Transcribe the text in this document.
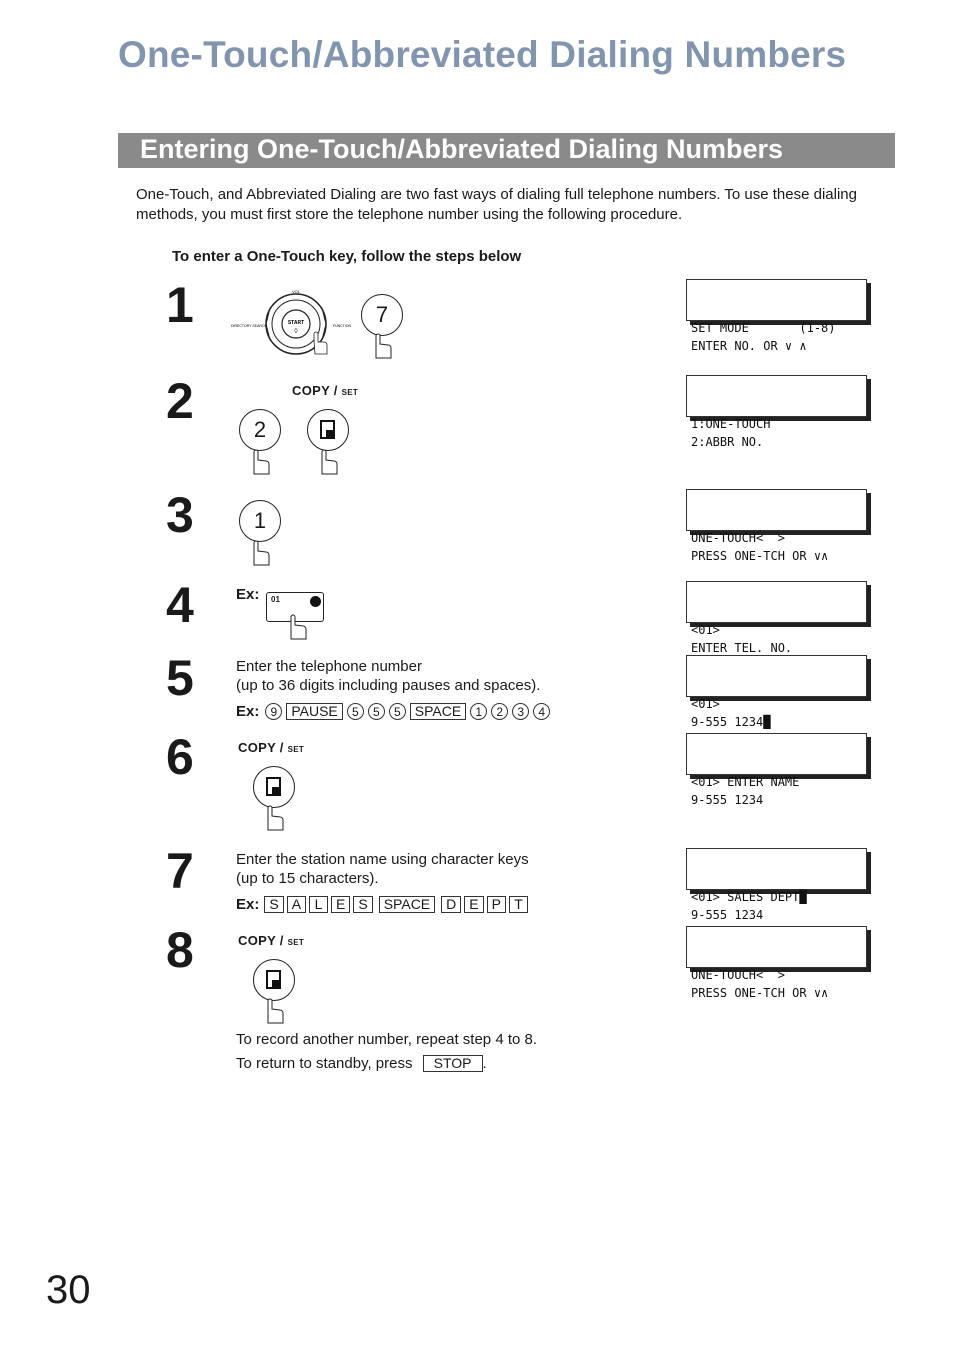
One-Touch/Abbreviated Dialing Numbers
Entering One-Touch/Abbreviated Dialing Numbers

One-Touch, and Abbreviated Dialing are two fast ways of dialing full telephone numbers. To use these dialing methods, you must first store the telephone number using the following procedure.

To enter a One-Touch key, follow the steps below

1	START
◊
VOL
DIRECTORY SEARCH	FUNCTION	7

SET MODE       (1-8)
ENTER NO. OR ∨ ∧

2	COPY / SET
2

	1:ONE-TOUCH
2:ABBR NO.

3	1

ONE-TOUCH<  >
PRESS ONE-TCH OR ∨∧

4	Ex: 01

<01>
ENTER TEL. NO.

5	Enter the telephone number
(up to 36 digits including pauses and spaces).

Ex: 9	PAUSE	5	5	5	SPACE	1	2	3	4

<01>
9-555 1234█

6	COPY / SET

<01> ENTER NAME
9-555 1234

7	Enter the station name using character keys
(up to 15 characters).

Ex: S A L E S	SPACE	D E P T

	<01> SALES DEPT█
9-555 1234

8	COPY / SET

ONE-TOUCH<  >
PRESS ONE-TCH OR ∨∧

To record another number, repeat step 4 to 8.

To return to standby, press STOP .

30
